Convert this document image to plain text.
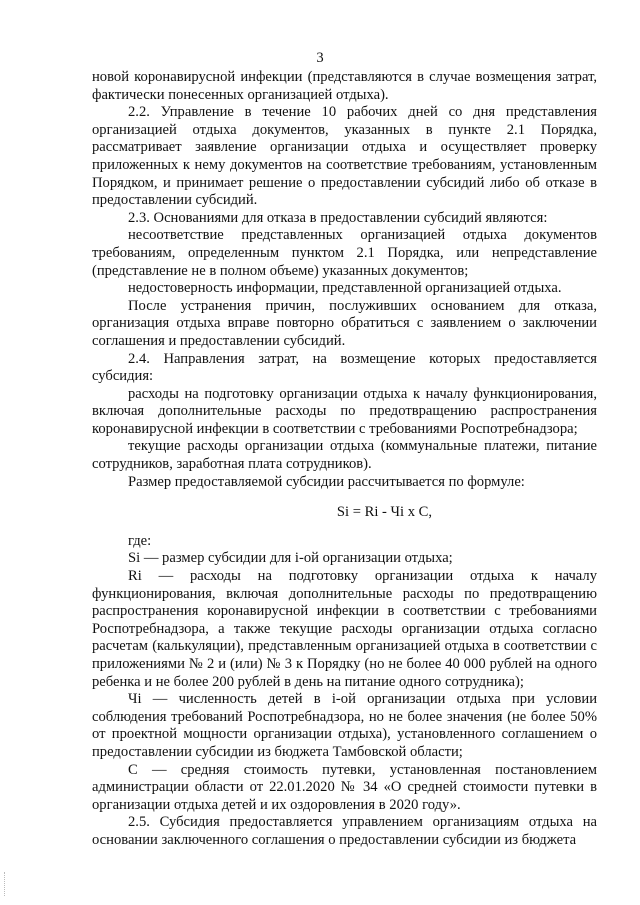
3

новой коронавирусной инфекции (представляются в случае возмещения затрат, фактически понесенных организацией отдыха).

2.2. Управление в течение 10 рабочих дней со дня представления организацией отдыха документов, указанных в пункте 2.1 Порядка, рассматривает заявление организации отдыха и осуществляет проверку приложенных к нему документов на соответствие требованиям, установленным Порядком, и принимает решение о предоставлении субсидий либо об отказе в предоставлении субсидий.

2.3. Основаниями для отказа в предоставлении субсидий являются:

несоответствие представленных организацией отдыха документов требованиям, определенным пунктом 2.1 Порядка, или непредставление (представление не в полном объеме) указанных документов;

недостоверность информации, представленной организацией отдыха.

После устранения причин, послуживших основанием для отказа, организация отдыха вправе повторно обратиться с заявлением о заключении соглашения и предоставлении субсидий.

2.4. Направления затрат, на возмещение которых предоставляется субсидия:

расходы на подготовку организации отдыха к началу функционирования, включая дополнительные расходы по предотвращению распространения коронавирусной инфекции в соответствии с требованиями Роспотребнадзора;

текущие расходы организации отдыха (коммунальные платежи, питание сотрудников, заработная плата сотрудников).

Размер предоставляемой субсидии рассчитывается по формуле:

Si = Ri - Чi x C,

где:

Si — размер субсидии для i-ой организации отдыха;

Ri — расходы на подготовку организации отдыха к началу функционирования, включая дополнительные расходы по предотвращению распространения коронавирусной инфекции в соответствии с требованиями Роспотребнадзора, а также текущие расходы организации отдыха согласно расчетам (калькуляции), представленным организацией отдыха в соответствии с приложениями № 2 и (или) № 3 к Порядку (но не более 40 000 рублей на одного ребенка и не более 200 рублей в день на питание одного сотрудника);

Чi — численность детей в i-ой организации отдыха при условии соблюдения требований Роспотребнадзора, но не более значения (не более 50% от проектной мощности организации отдыха), установленного соглашением о предоставлении субсидии из бюджета Тамбовской области;

С — средняя стоимость путевки, установленная постановлением администрации области от 22.01.2020 № 34 «О средней стоимости путевки в организации отдыха детей и их оздоровления в 2020 году».

2.5. Субсидия предоставляется управлением организациям отдыха на основании заключенного соглашения о предоставлении субсидии из бюджета
